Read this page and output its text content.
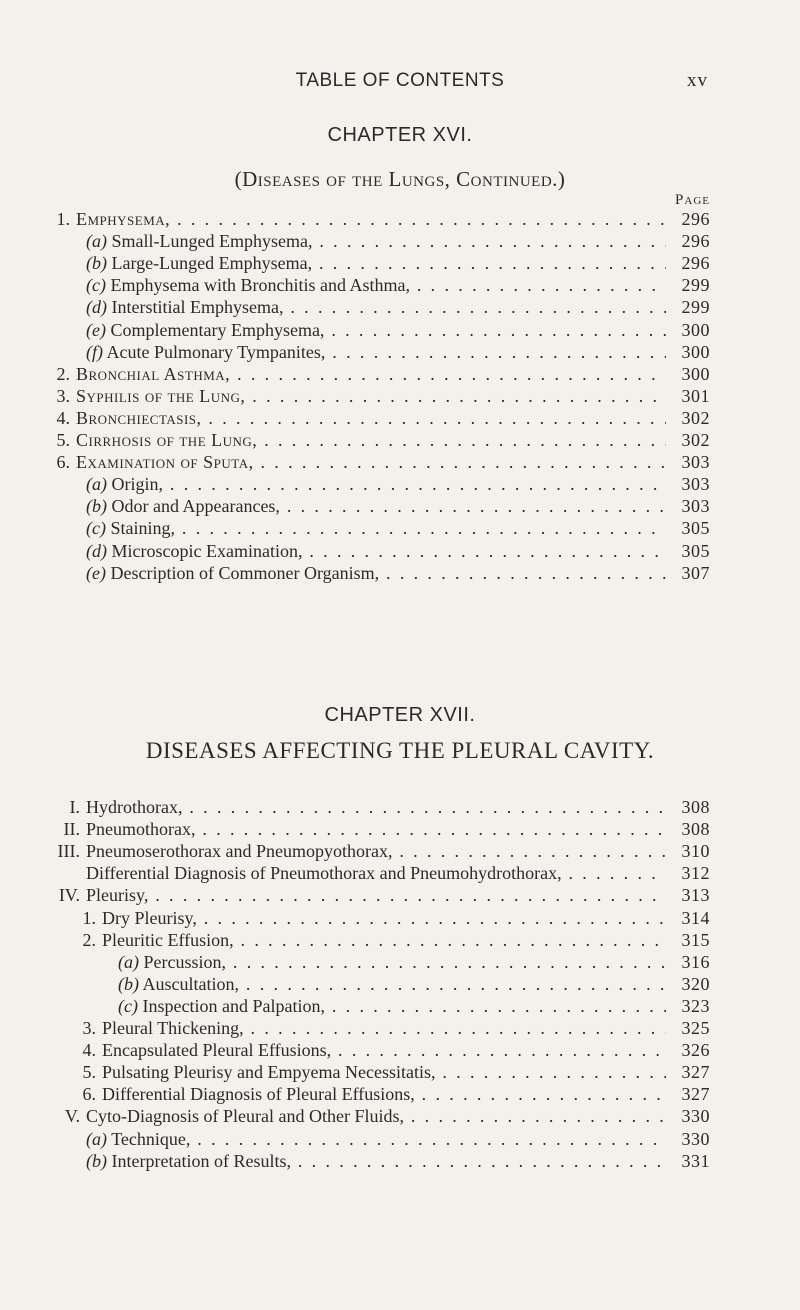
TABLE OF CONTENTS	xv
CHAPTER XVI.
(Diseases of the Lungs, Continued.)
Page
1. Emphysema, . . .	296
(a) Small-Lunged Emphysema, . . .	296
(b) Large-Lunged Emphysema, . . .	296
(c) Emphysema with Bronchitis and Asthma, . . .	299
(d) Interstitial Emphysema, . . .	299
(e) Complementary Emphysema, . . .	300
(f) Acute Pulmonary Tympanites, . . .	300
2. Bronchial Asthma, . . .	300
3. Syphilis of the Lung, . . .	301
4. Bronchiectasis, . . .	302
5. Cirrhosis of the Lung, . . .	302
6. Examination of Sputa, . . .	303
(a) Origin, . . .	303
(b) Odor and Appearances, . . .	303
(c) Staining, . . .	305
(d) Microscopic Examination, . . .	305
(e) Description of Commoner Organism, . . .	307
CHAPTER XVII.
DISEASES AFFECTING THE PLEURAL CAVITY.
I. Hydrothorax, . . .	308
II. Pneumothorax, . . .	308
III. Pneumoserothorax and Pneumopyothorax, . . .	310
Differential Diagnosis of Pneumothorax and Pneumohydrothorax, . . .	312
IV. Pleurisy, . . .	313
1. Dry Pleurisy, . . .	314
2. Pleuritic Effusion, . . .	315
(a) Percussion, . . .	316
(b) Auscultation, . . .	320
(c) Inspection and Palpation, . . .	323
3. Pleural Thickening, . . .	325
4. Encapsulated Pleural Effusions, . . .	326
5. Pulsating Pleurisy and Empyema Necessitatis, . . .	327
6. Differential Diagnosis of Pleural Effusions, . . .	327
V. Cyto-Diagnosis of Pleural and Other Fluids, . . .	330
(a) Technique, . . .	330
(b) Interpretation of Results, . . .	331
